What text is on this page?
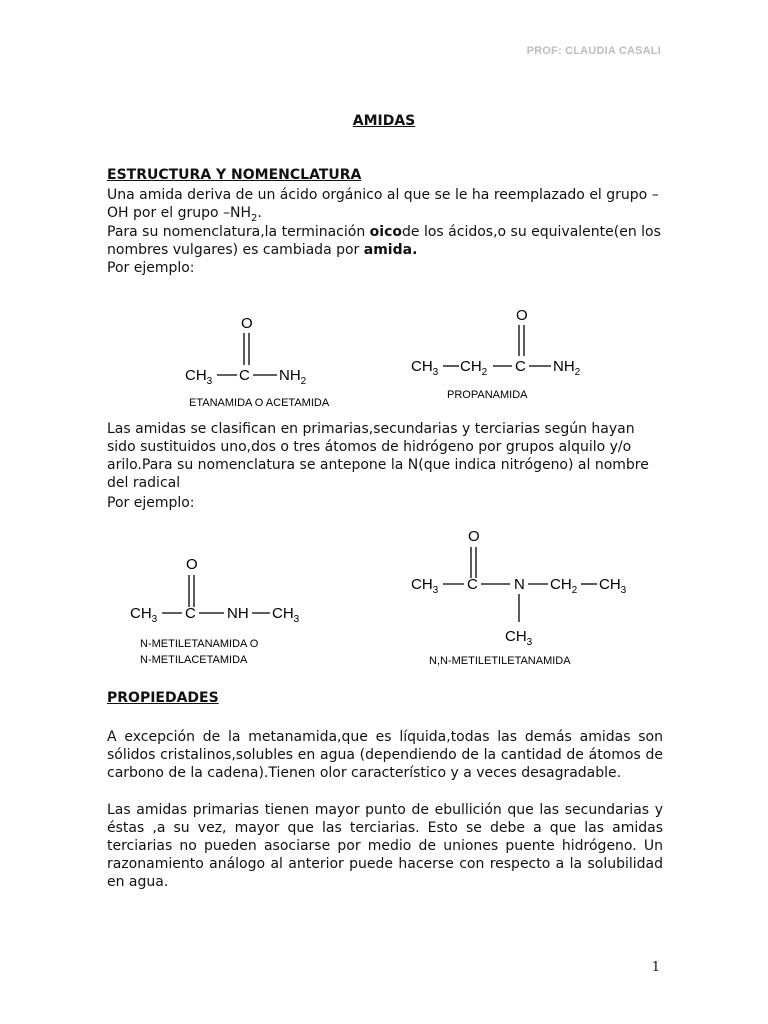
PROF: CLAUDIA CASALI
AMIDAS
ESTRUCTURA Y NOMENCLATURA

Una amida deriva de un ácido orgánico al que se le ha reemplazado el grupo –OH por el grupo $-NH_2$.

Para su nomenclatura,la terminación oicode los ácidos,o su equivalente(en los nombres vulgares) es cambiada por amida.

Por ejemplo:

O
$CH_3$ C $NH_2$
ETANAMIDA O ACETAMIDA
O
$CH_3$ $CH_2$ C $NH_2$
PROPANAMIDA

Las amidas se clasifican en primarias,secundarias y terciarias según hayan sido sustituidos uno,dos o tres átomos de hidrógeno por grupos alquilo y/o arilo.Para su nomenclatura se antepone la N(que indica nitrógeno) al nombre del radical

Por ejemplo:

O
$CH_3$ C NH $CH_3$
N-METILETANAMIDA O
N-METILACETAMIDA
O
$CH_3$ C N $CH_2$ $CH_3$
$CH_3$
N,N-METILETILETANAMIDA
PROPIEDADES

A excepción de la metanamida,que es líquida,todas las demás amidas son sólidos cristalinos,solubles en agua (dependiendo de la cantidad de átomos de carbono de la cadena).Tienen olor característico y a veces desagradable.

Las amidas primarias tienen mayor punto de ebullición que las secundarias y éstas ,a su vez, mayor que las terciarias. Esto se debe a que las amidas terciarias no pueden asociarse por medio de uniones puente hidrógeno. Un razonamiento análogo al anterior puede hacerse con respecto a la solubilidad en agua.

1
